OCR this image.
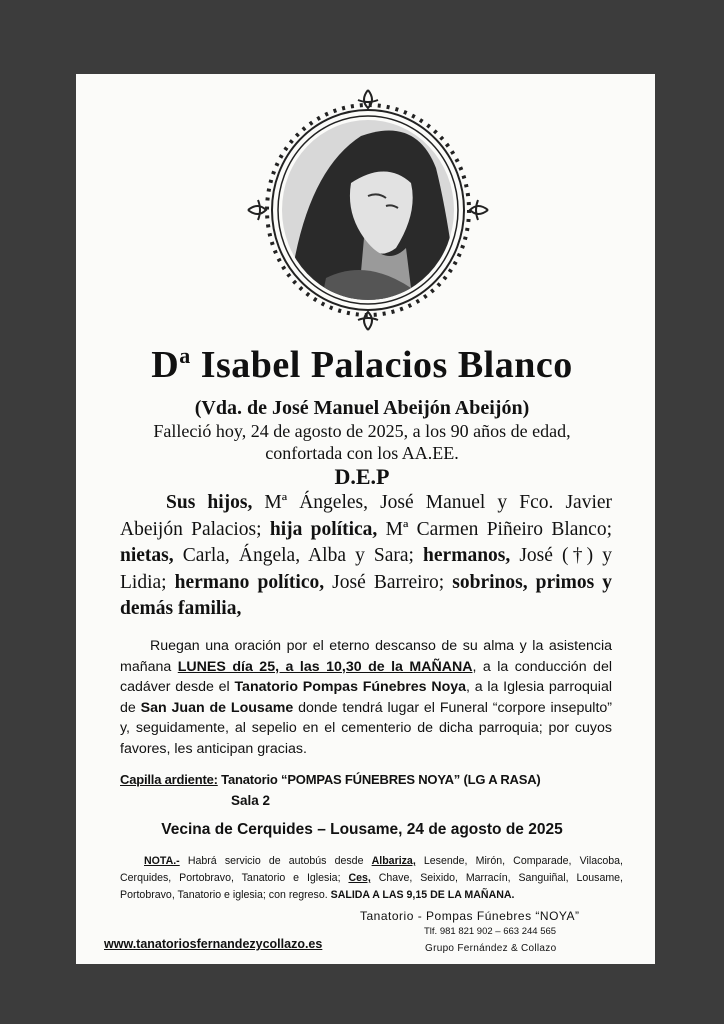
$D^a$ Isabel Palacios Blanco
(Vda. de José Manuel Abeijón Abeijón)
Falleció hoy, 24 de agosto de 2025, a los 90 años de edad,
confortada con los AA.EE.
D.E.P
Sus hijos, Mª Ángeles, José Manuel y Fco. Javier Abeijón Palacios; hija política, Mª Carmen Piñeiro Blanco; nietas, Carla, Ángela, Alba y Sara; hermanos, José (†) y Lidia; hermano político, José Barreiro; sobrinos, primos y demás familia,
Ruegan una oración por el eterno descanso de su alma y la asistencia mañana LUNES día 25, a las 10,30 de la MAÑANA, a la conducción del cadáver desde el Tanatorio Pompas Fúnebres Noya, a la Iglesia parroquial de San Juan de Lousame donde tendrá lugar el Funeral “corpore insepulto” y, seguidamente, al sepelio en el cementerio de dicha parroquia; por cuyos favores, les anticipan gracias.
Capilla ardiente: Tanatorio “POMPAS FÚNEBRES NOYA” (LG A RASA)
Sala 2
Vecina de Cerquides – Lousame, 24 de agosto de 2025
NOTA.- Habrá servicio de autobús desde Albariza, Lesende, Mirón, Comparade, Vilacoba, Cerquides, Portobravo, Tanatorio e Iglesia; Ces, Chave, Seixido, Marracín, Sanguiñal, Lousame, Portobravo, Tanatorio e iglesia; con regreso. SALIDA A LAS 9,15 DE LA MAÑANA.
Tanatorio - Pompas Fúnebres “NOYA”
Tlf. 981 821 902 – 663 244 565
Grupo Fernández & Collazo
www.tanatoriosfernandezycollazo.es
